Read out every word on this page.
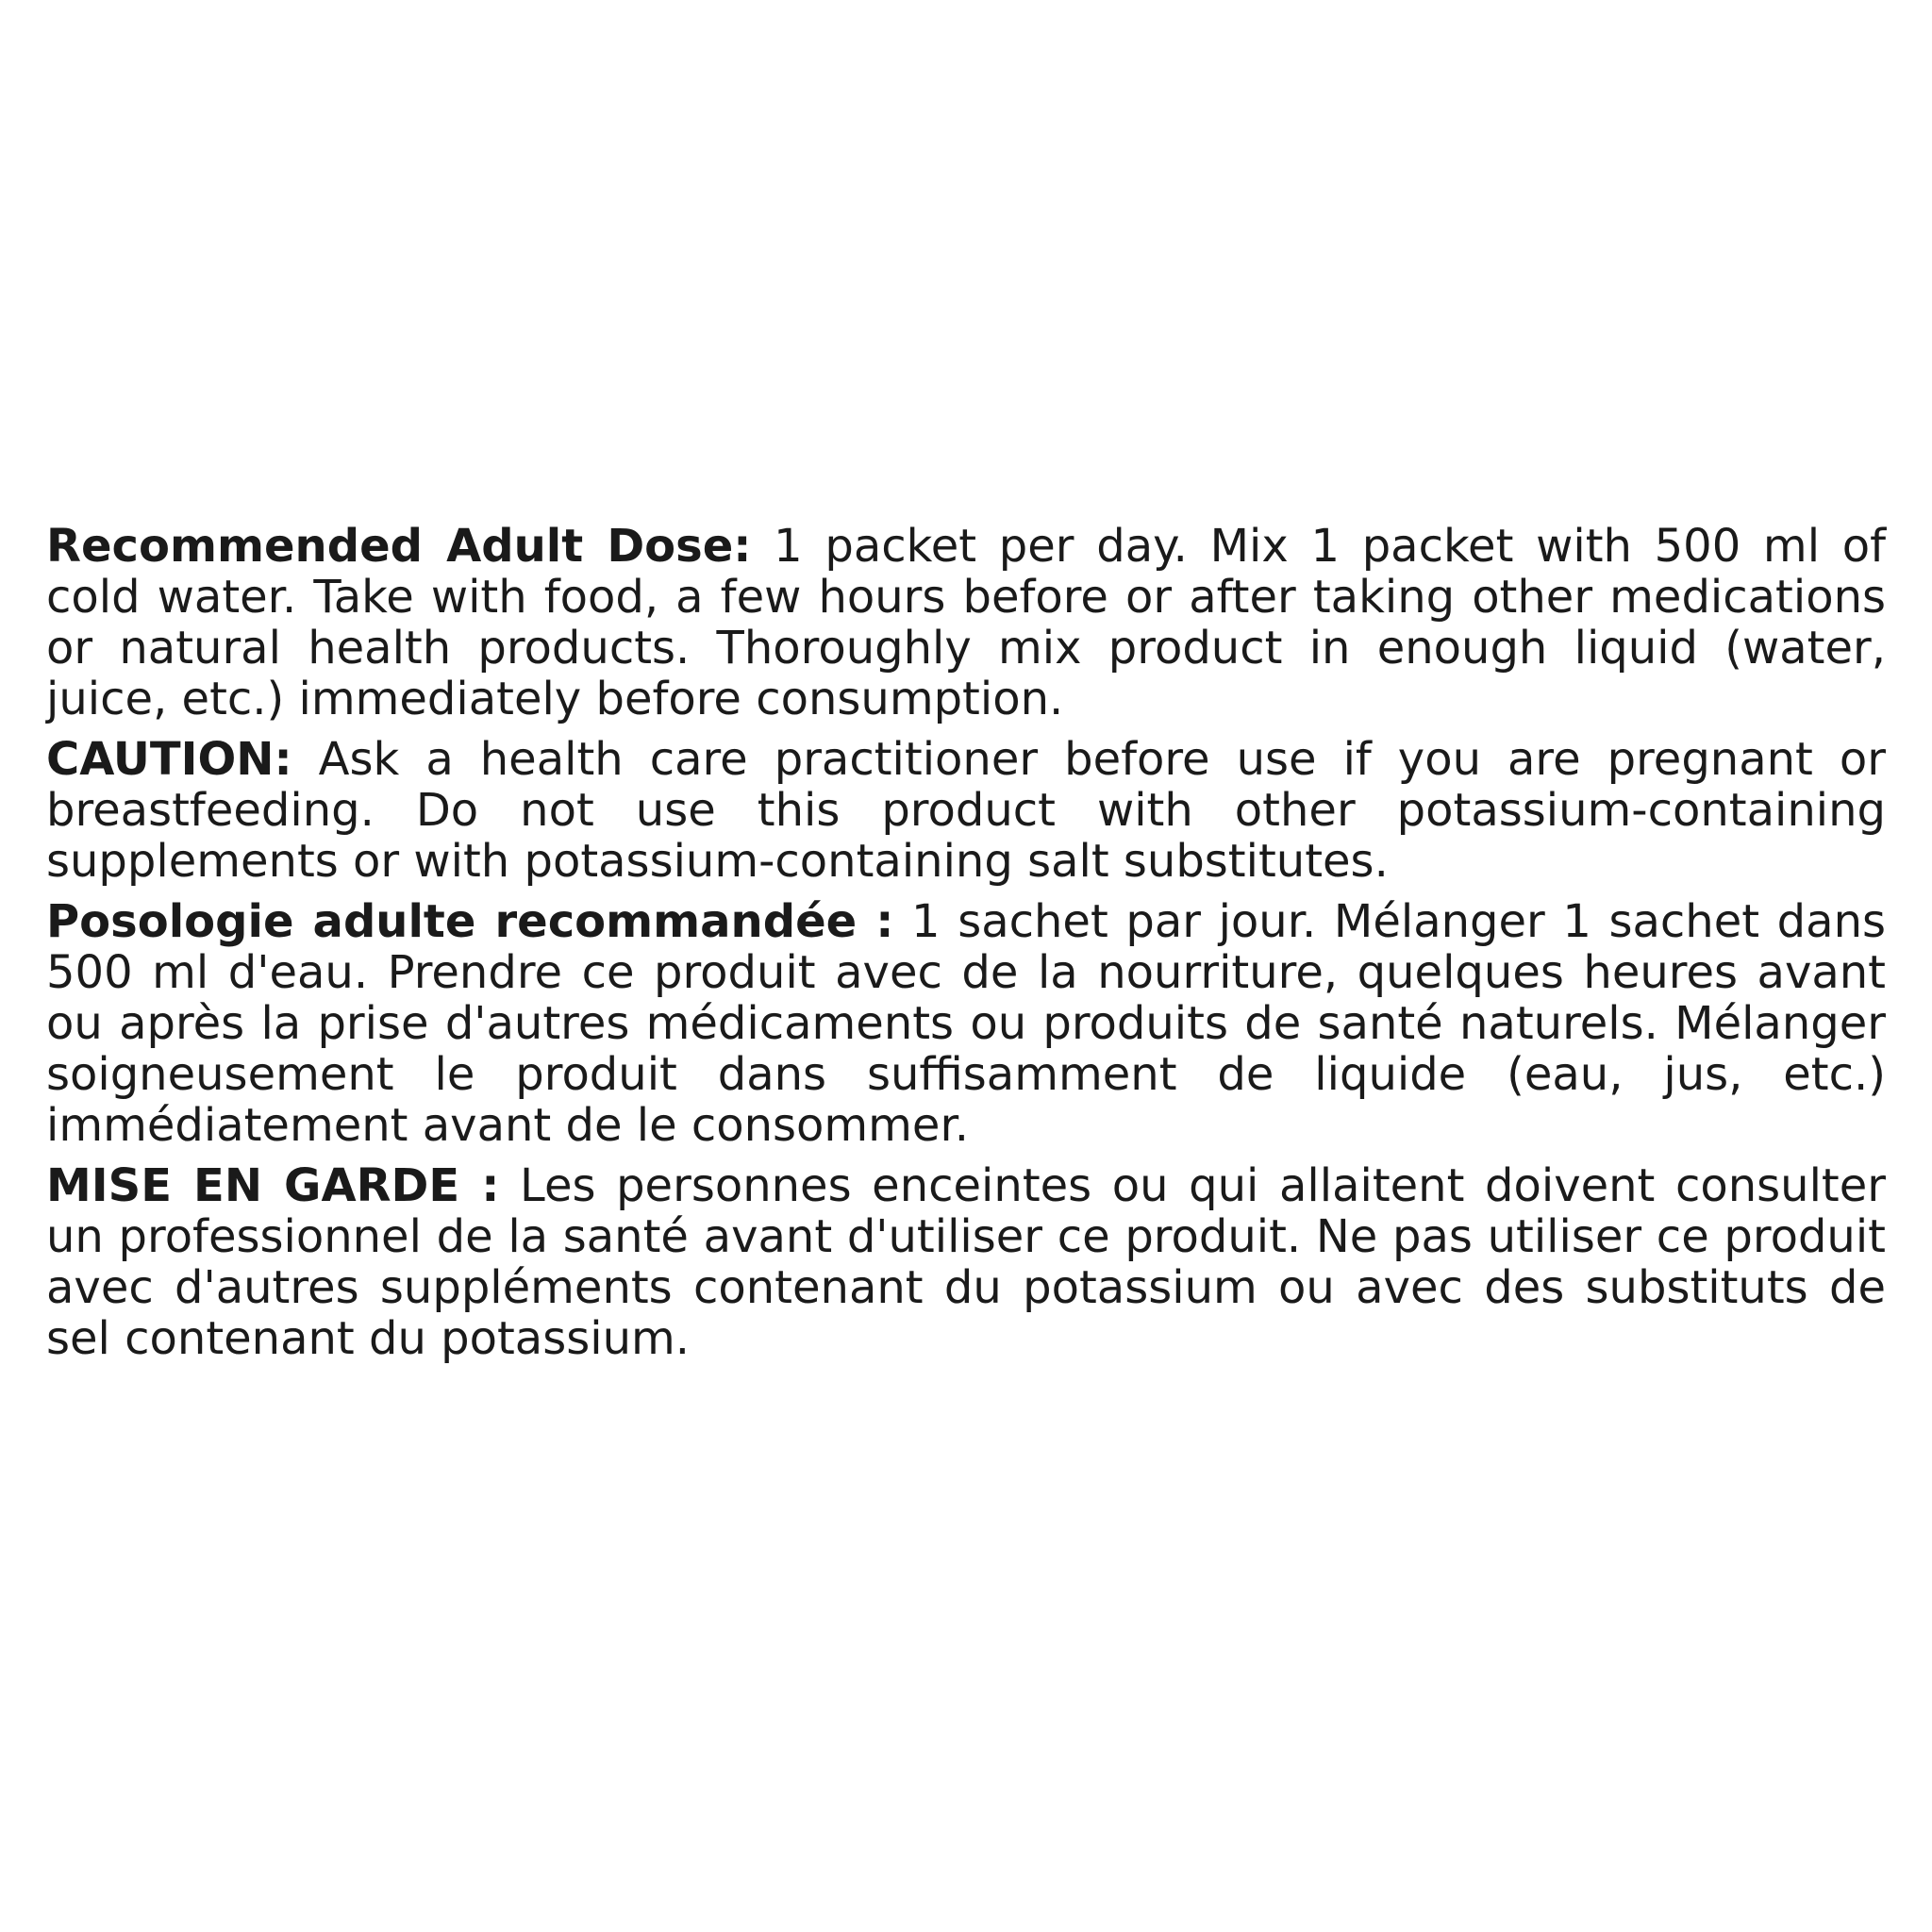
Recommended Adult Dose: 1 packet per day. Mix 1 packet with 500 ml of cold water. Take with food, a few hours before or after taking other medications or natural health products. Thoroughly mix product in enough liquid (water, juice, etc.) immediately before consumption.

CAUTION: Ask a health care practitioner before use if you are pregnant or breastfeeding. Do not use this product with other potassium-containing supplements or with potassium-containing salt substitutes.

Posologie adulte recommandée : 1 sachet par jour. Mélanger 1 sachet dans 500 ml d'eau. Prendre ce produit avec de la nourriture, quelques heures avant ou après la prise d'autres médicaments ou produits de santé naturels. Mélanger soigneusement le produit dans suffisamment de liquide (eau, jus, etc.) immédiatement avant de le consommer.

MISE EN GARDE : Les personnes enceintes ou qui allaitent doivent consulter un professionnel de la santé avant d'utiliser ce produit. Ne pas utiliser ce produit avec d'autres suppléments contenant du potassium ou avec des substituts de sel contenant du potassium.
